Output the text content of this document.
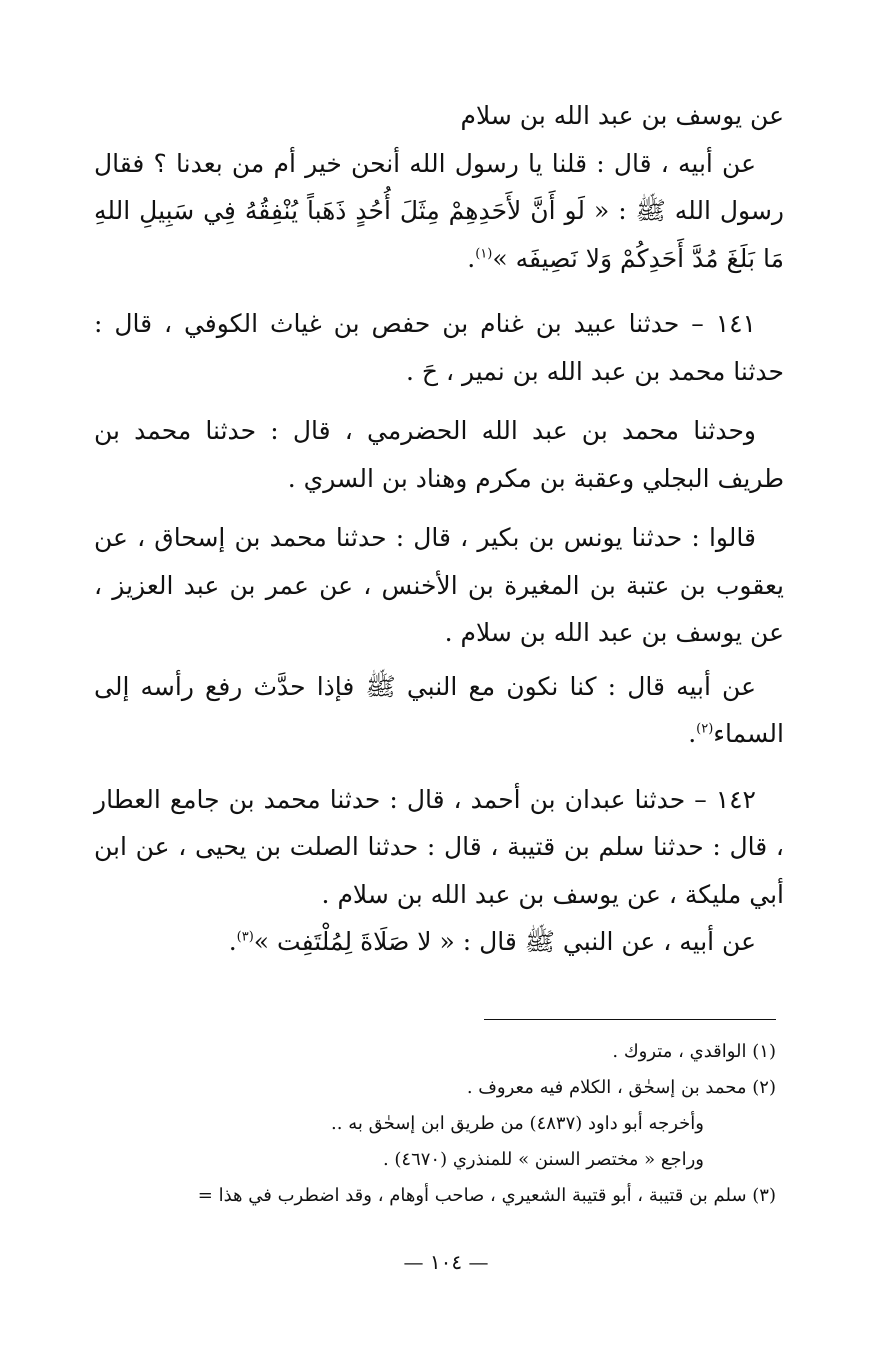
عن يوسف بن عبد الله بن سلام

عن أبيه ، قال : قلنا يا رسول الله أنحن خير أم من بعدنا ؟ فقال رسول الله ﷺ : « لَو أَنَّ لأَحَدِهِمْ مِثَلَ أُحُدٍ ذَهَباً يُنْفِقُهُ فِي سَبِيلِ اللهِ مَا بَلَغَ مُدَّ أَحَدِكُمْ وَلا نَصِيفَه »$^{(١)}$.

١٤١ – حدثنا عبيد بن غنام بن حفص بن غياث الكوفي ، قال : حدثنا محمد بن عبد الله بن نمير ، حَ .

وحدثنا محمد بن عبد الله الحضرمي ، قال : حدثنا محمد بن طريف البجلي وعقبة بن مكرم وهناد بن السري .

قالوا : حدثنا يونس بن بكير ، قال : حدثنا محمد بن إسحاق ، عن يعقوب بن عتبة بن المغيرة بن الأخنس ، عن عمر بن عبد العزيز ، عن يوسف بن عبد الله بن سلام .

عن أبيه قال : كنا نكون مع النبي ﷺ فإذا حدَّث رفع رأسه إلى السماء$^{(٢)}$.

١٤٢ – حدثنا عبدان بن أحمد ، قال : حدثنا محمد بن جامع العطار ، قال : حدثنا سلم بن قتيبة ، قال : حدثنا الصلت بن يحيى ، عن ابن أبي مليكة ، عن يوسف بن عبد الله بن سلام .

عن أبيه ، عن النبي ﷺ قال : « لا صَلَاةَ لِمُلْتَفِت »$^{(٣)}$.

(١) الواقدي ، متروك .

(٢) محمد بن إسحٰق ، الكلام فيه معروف .

وأخرجه أبو داود (٤٨٣٧) من طريق ابن إسحٰق به ..

وراجع « مختصر السنن » للمنذري (٤٦٧٠) .

(٣) سلم بن قتيبة ، أبو قتيبة الشعيري ، صاحب أوهام ، وقد اضطرب في هذا =

— ١٠٤ —
